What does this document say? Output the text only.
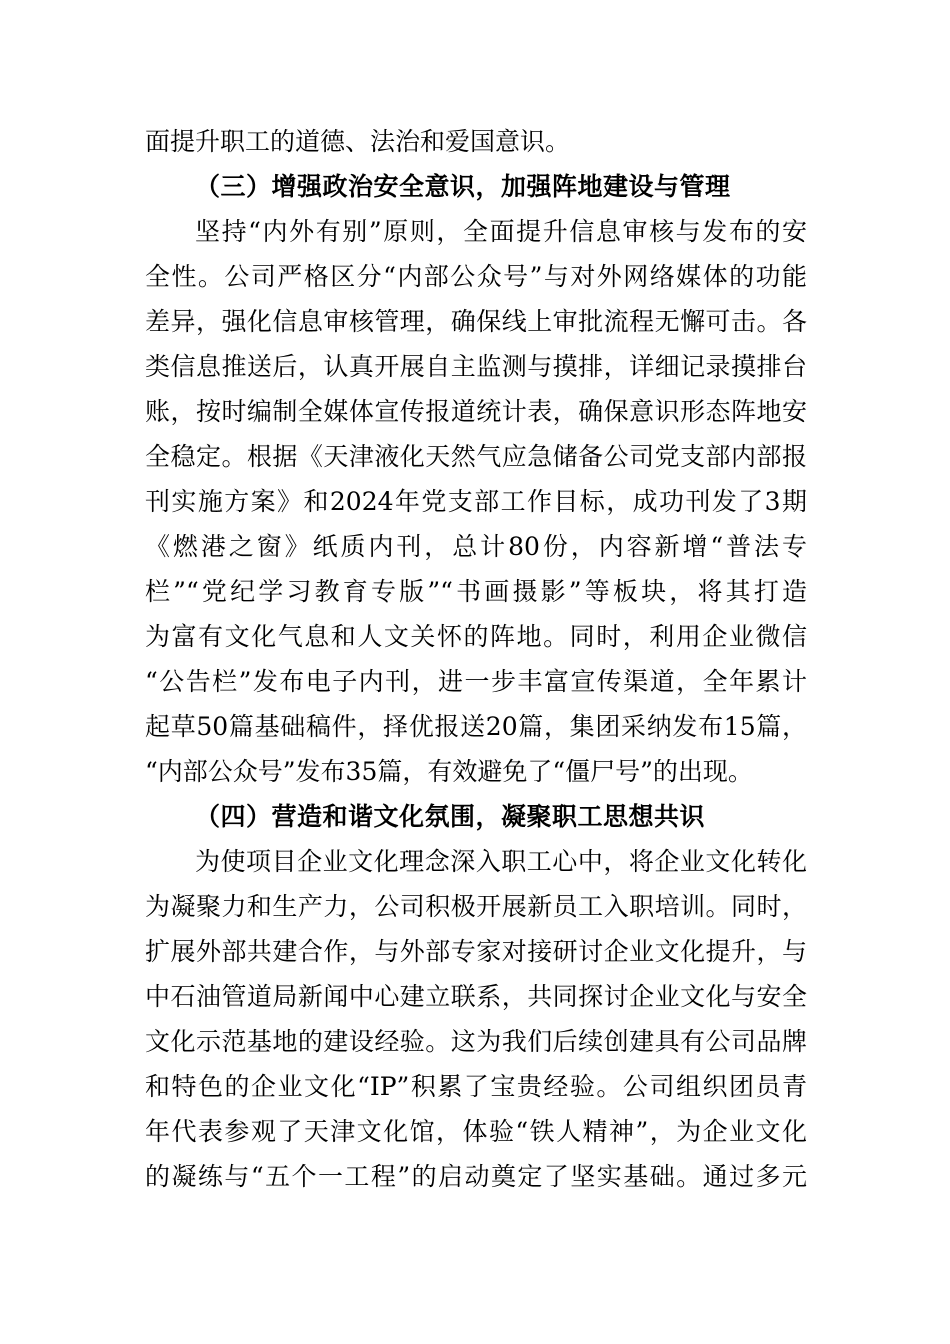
面提升职工的道德、法治和爱国意识。
（三）增强政治安全意识，加强阵地建设与管理
坚持“内外有别”原则，全面提升信息审核与发布的安
全性。公司严格区分“内部公众号”与对外网络媒体的功能
差异，强化信息审核管理，确保线上审批流程无懈可击。各
类信息推送后，认真开展自主监测与摸排，详细记录摸排台
账，按时编制全媒体宣传报道统计表，确保意识形态阵地安
全稳定。根据《天津液化天然气应急储备公司党支部内部报
刊实施方案》和2024年党支部工作目标，成功刊发了3期
《燃港之窗》纸质内刊，总计80份，内容新增“普法专
栏”“党纪学习教育专版”“书画摄影”等板块，将其打造
为富有文化气息和人文关怀的阵地。同时，利用企业微信
“公告栏”发布电子内刊，进一步丰富宣传渠道，全年累计
起草50篇基础稿件，择优报送20篇，集团采纳发布15篇，
“内部公众号”发布35篇，有效避免了“僵尸号”的出现。
（四）营造和谐文化氛围，凝聚职工思想共识
为使项目企业文化理念深入职工心中，将企业文化转化
为凝聚力和生产力，公司积极开展新员工入职培训。同时，
扩展外部共建合作，与外部专家对接研讨企业文化提升，与
中石油管道局新闻中心建立联系，共同探讨企业文化与安全
文化示范基地的建设经验。这为我们后续创建具有公司品牌
和特色的企业文化“IP”积累了宝贵经验。公司组织团员青
年代表参观了天津文化馆，体验“铁人精神”，为企业文化
的凝练与“五个一工程”的启动奠定了坚实基础。通过多元
